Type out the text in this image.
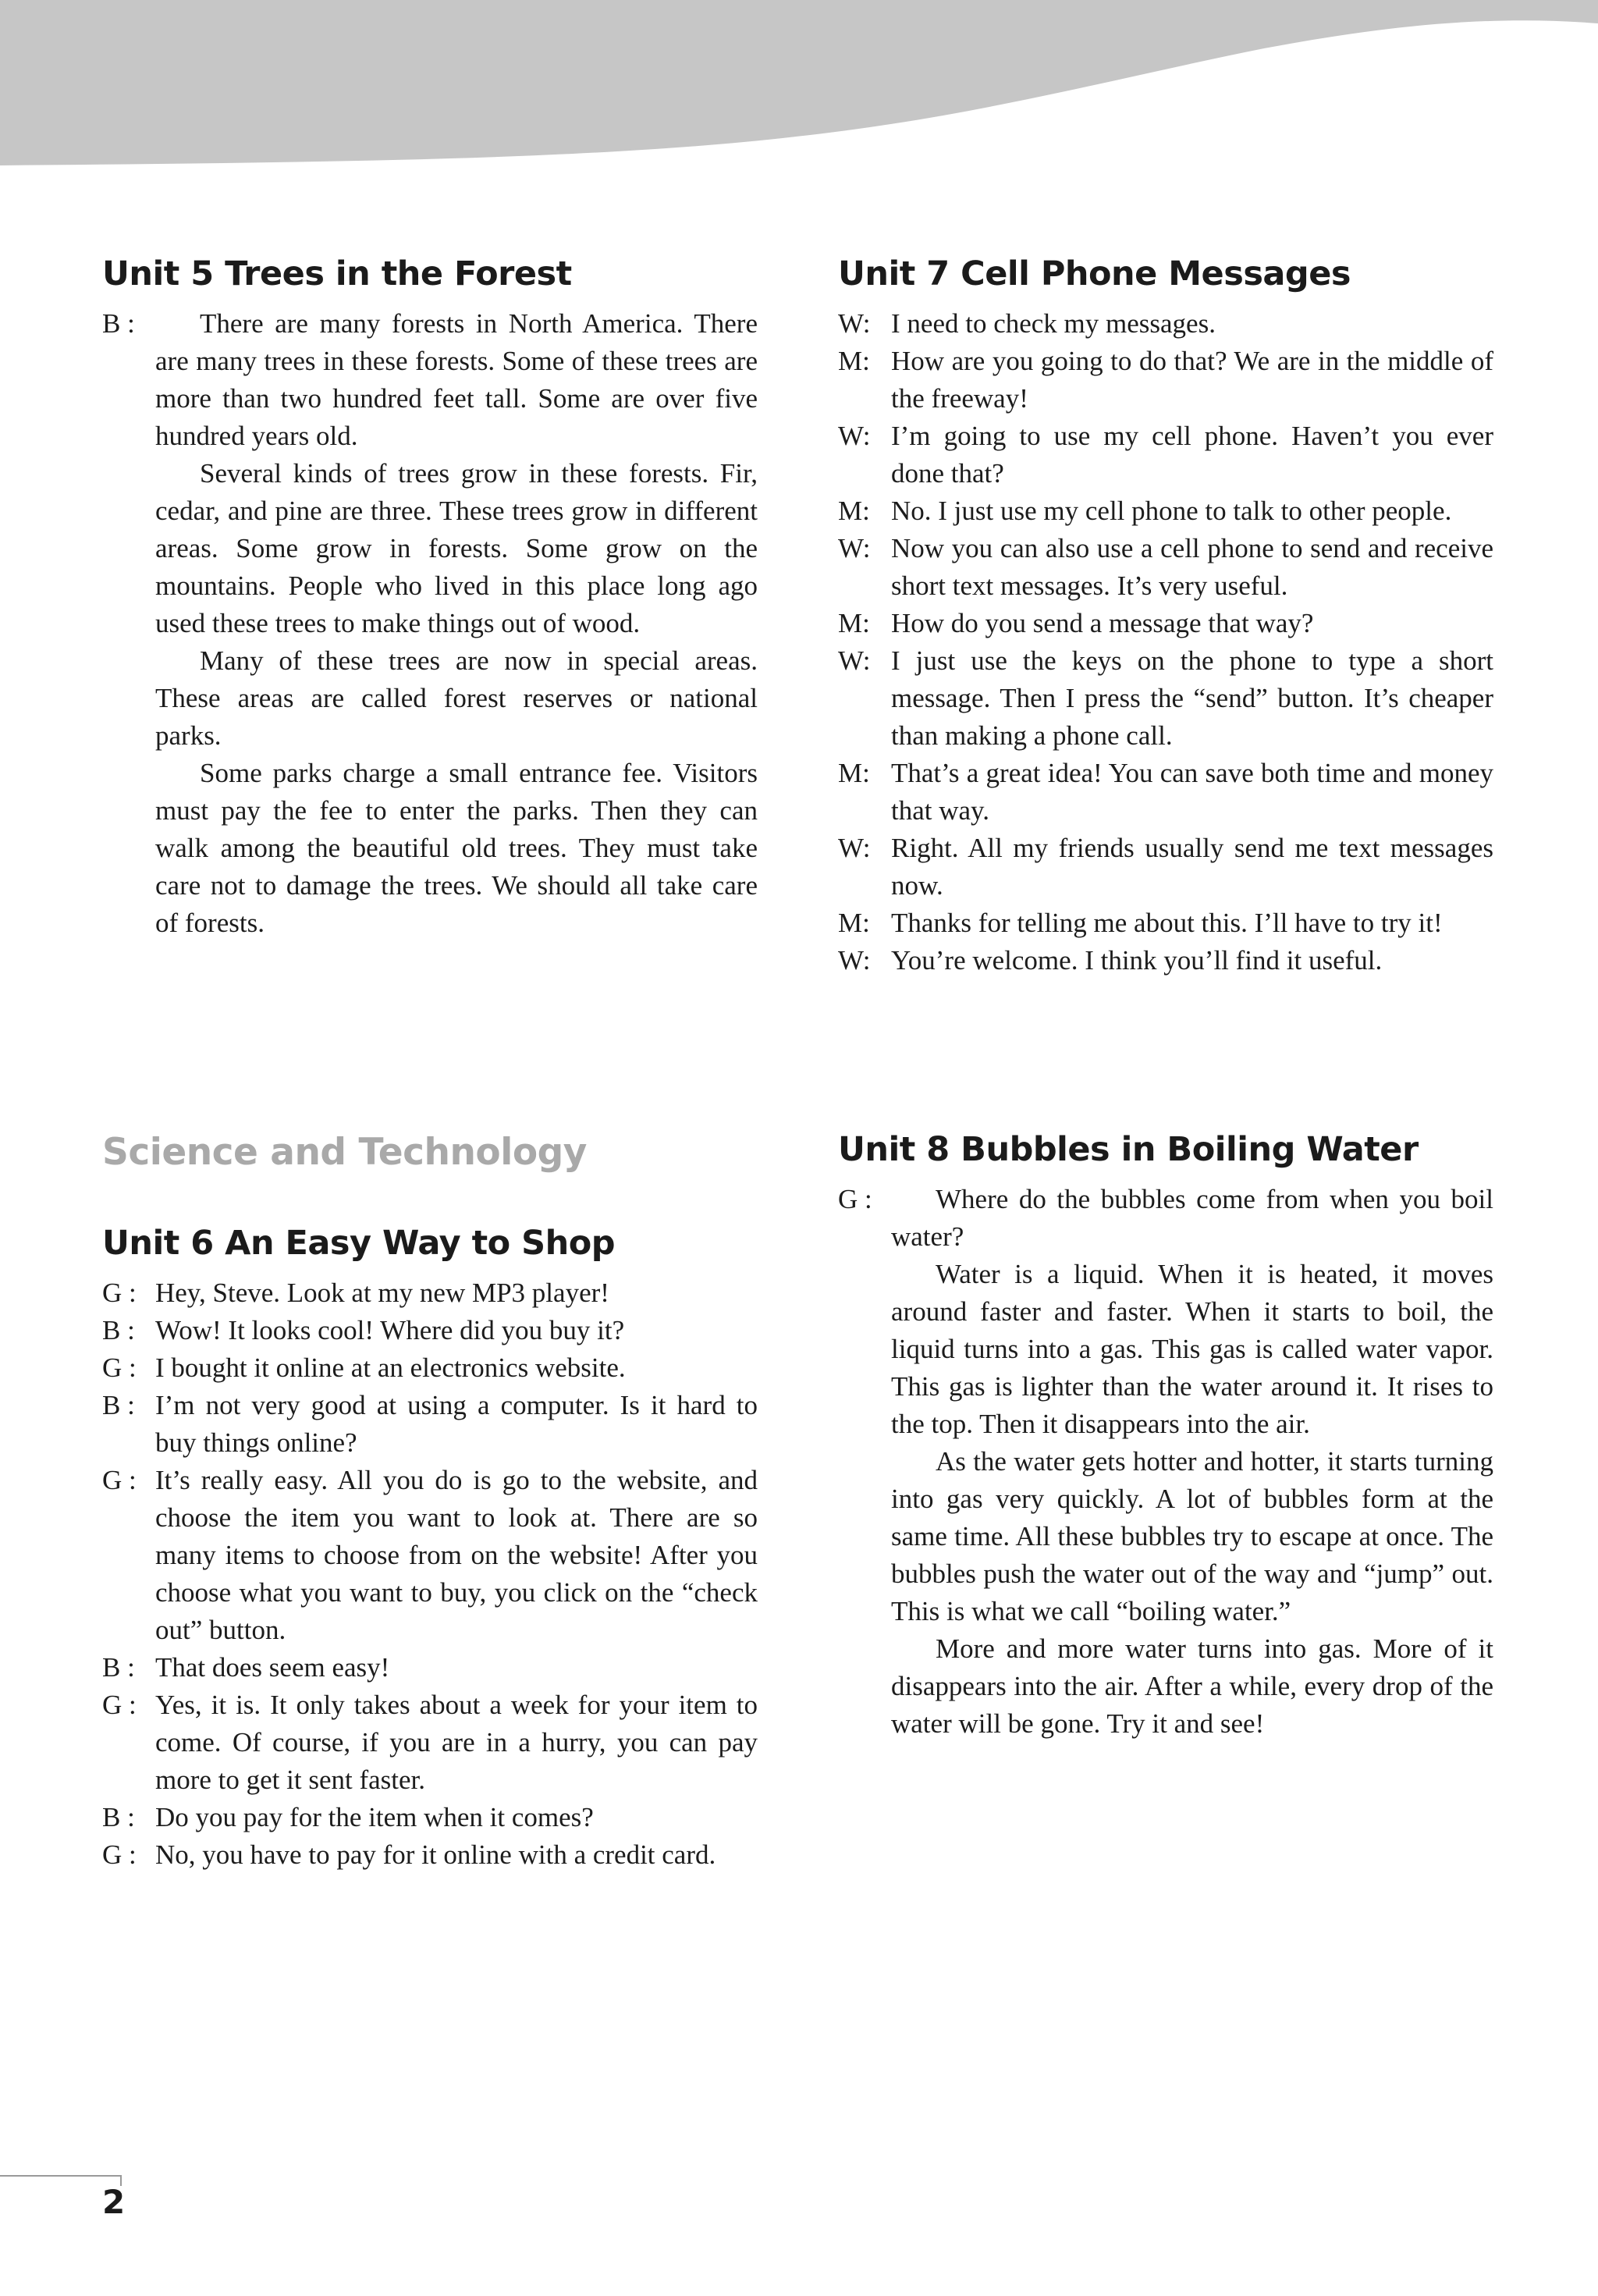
Unit 5 Trees in the Forest
B :	There are many forests in North America. There are many trees in these forests. Some of these trees are more than two hundred feet tall. Some are over five hundred years old.
Several kinds of trees grow in these forests. Fir, cedar, and pine are three. These trees grow in different areas. Some grow in forests. Some grow on the mountains. People who lived in this place long ago used these trees to make things out of wood.
Many of these trees are now in special areas. These areas are called forest reserves or national parks.
Some parks charge a small entrance fee. Visitors must pay the fee to enter the parks. Then they can walk among the beautiful old trees. They must take care not to damage the trees. We should all take care of forests.
Science and Technology
Unit 6 An Easy Way to Shop
G : Hey, Steve. Look at my new MP3 player!
B : Wow! It looks cool! Where did you buy it?
G : I bought it online at an electronics website.
B : I’m not very good at using a computer. Is it hard to buy things online?
G : It’s really easy. All you do is go to the website, and choose the item you want to look at. There are so many items to choose from on the website! After you choose what you want to buy, you click on the “check out” button.
B : That does seem easy!
G : Yes, it is. It only takes about a week for your item to come. Of course, if you are in a hurry, you can pay more to get it sent faster.
B : Do you pay for the item when it comes?
G : No, you have to pay for it online with a credit card.
Unit 7 Cell Phone Messages
W: I need to check my messages.
M: How are you going to do that? We are in the middle of the freeway!
W: I’m going to use my cell phone. Haven’t you ever done that?
M: No. I just use my cell phone to talk to other people.
W: Now you can also use a cell phone to send and receive short text messages. It’s very useful.
M: How do you send a message that way?
W: I just use the keys on the phone to type a short message. Then I press the “send” button. It’s cheaper than making a phone call.
M: That’s a great idea! You can save both time and money that way.
W: Right. All my friends usually send me text messages now.
M: Thanks for telling me about this. I’ll have to try it!
W: You’re welcome. I think you’ll find it useful.
Unit 8 Bubbles in Boiling Water
G :	Where do the bubbles come from when you boil water?
Water is a liquid. When it is heated, it moves around faster and faster. When it starts to boil, the liquid turns into a gas. This gas is called water vapor. This gas is lighter than the water around it. It rises to the top. Then it disappears into the air.
As the water gets hotter and hotter, it starts turning into gas very quickly. A lot of bubbles form at the same time. All these bubbles try to escape at once. The bubbles push the water out of the way and “jump” out. This is what we call “boiling water.”
More and more water turns into gas. More of it disappears into the air. After a while, every drop of the water will be gone. Try it and see!
2
